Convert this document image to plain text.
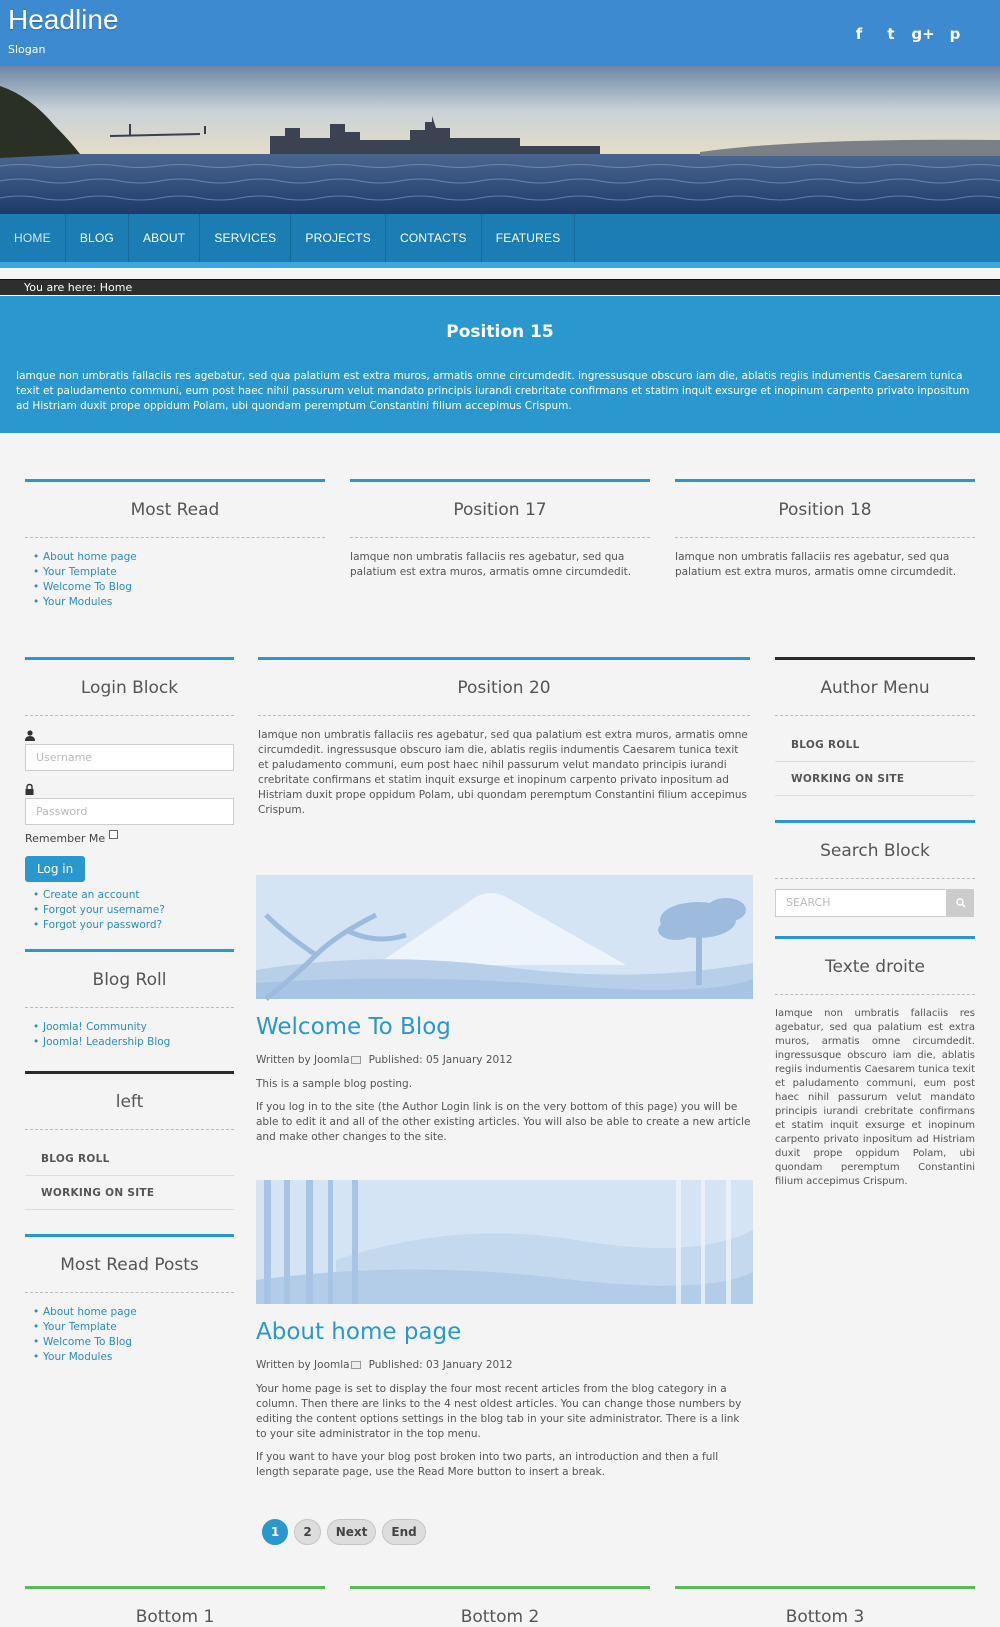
Headline
Slogan
f	t	g+ p
HOME	BLOG	ABOUT	SERVICES	PROJECTS	CONTACTS	FEATURES
You are here: Home
Position 15

Iamque non umbratis fallaciis res agebatur, sed qua palatium est extra muros, armatis omne circumdedit. ingressusque obscuro iam die, ablatis regiis indumentis Caesarem tunica texit et paludamento communi, eum post haec nihil passurum velut mandato principis iurandi crebritate confirmans et statim inquit exsurge et inopinum carpento privato inpositum ad Histriam duxit prope oppidum Polam, ubi quondam peremptum Constantini filium accepimus Crispum.

Most Read
• About home page
• Your Template
• Welcome To Blog
• Your Modules
Position 17
Iamque non umbratis fallaciis res agebatur, sed qua palatium est extra muros, armatis omne circumdedit.
Position 18
Iamque non umbratis fallaciis res agebatur, sed qua palatium est extra muros, armatis omne circumdedit.
Login Block
Username
Password
Remember Me
Log in
• Create an account
• Forgot your username?
• Forgot your password?
Blog Roll
• Joomla! Community
• Joomla! Leadership Blog
left
BLOG ROLL
WORKING ON SITE
Most Read Posts
• About home page
• Your Template
• Welcome To Blog
• Your Modules
Position 20
Iamque non umbratis fallaciis res agebatur, sed qua palatium est extra muros, armatis omne circumdedit. ingressusque obscuro iam die, ablatis regiis indumentis Caesarem tunica texit et paludamento communi, eum post haec nihil passurum velut mandato principis iurandi crebritate confirmans et statim inquit exsurge et inopinum carpento privato inpositum ad Histriam duxit prope oppidum Polam, ubi quondam peremptum Constantini filium accepimus Crispum.
Welcome To Blog
Written by Joomla Published: 05 January 2012

This is a sample blog posting.

If you log in to the site (the Author Login link is on the very bottom of this page) you will be able to edit it and all of the other existing articles. You will also be able to create a new article and make other changes to the site.

About home page
Written by Joomla Published: 03 January 2012

Your home page is set to display the four most recent articles from the blog category in a column. Then there are links to the 4 nest oldest articles. You can change those numbers by editing the content options settings in the blog tab in your site administrator. There is a link to your site administrator in the top menu.

If you want to have your blog post broken into two parts, an introduction and then a full length separate page, use the Read More button to insert a break.

1	2	Next	End
Author Menu
BLOG ROLL
WORKING ON SITE
Search Block
SEARCH
Texte droite
Iamque non umbratis fallaciis res agebatur, sed qua palatium est extra muros, armatis omne circumdedit. ingressusque obscuro iam die, ablatis regiis indumentis Caesarem tunica texit et paludamento communi, eum post haec nihil passurum velut mandato principis iurandi crebritate confirmans et statim inquit exsurge et inopinum carpento privato inpositum ad Histriam duxit prope oppidum Polam, ubi quondam peremptum Constantini filium accepimus Crispum.
Bottom 1	Bottom 2	Bottom 3
